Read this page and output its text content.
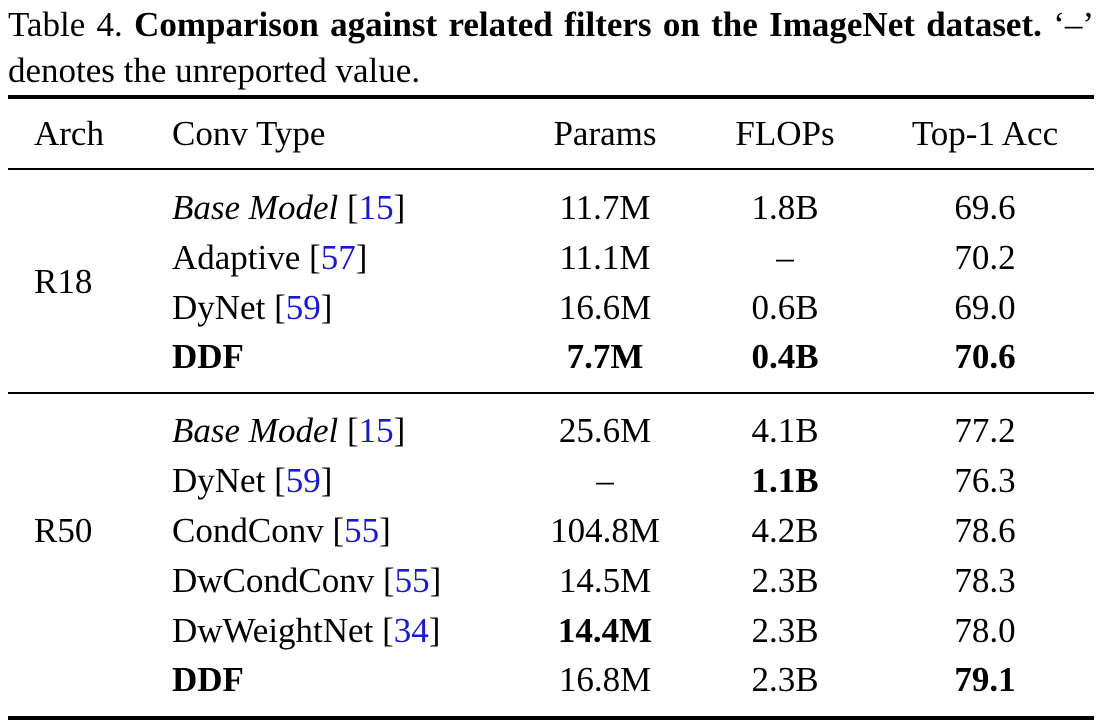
Table 4. Comparison against related filters on the ImageNet dataset. ‘–’ denotes the unreported value.
Arch Conv Type	Params	FLOPs	Top-1 Acc
R18
Base Model [15]	11.7M	1.8B	69.6
Adaptive [57]	11.1M	–	70.2
DyNet [59]	16.6M	0.6B	69.0
DDF	7.7M	0.4B	70.6
R50
Base Model [15]	25.6M	4.1B	77.2
DyNet [59]	–	1.1B	76.3
CondConv [55]	104.8M	4.2B	78.6
DwCondConv [55]	14.5M	2.3B	78.3
DwWeightNet [34]	14.4M	2.3B	78.0
DDF	16.8M	2.3B	79.1
